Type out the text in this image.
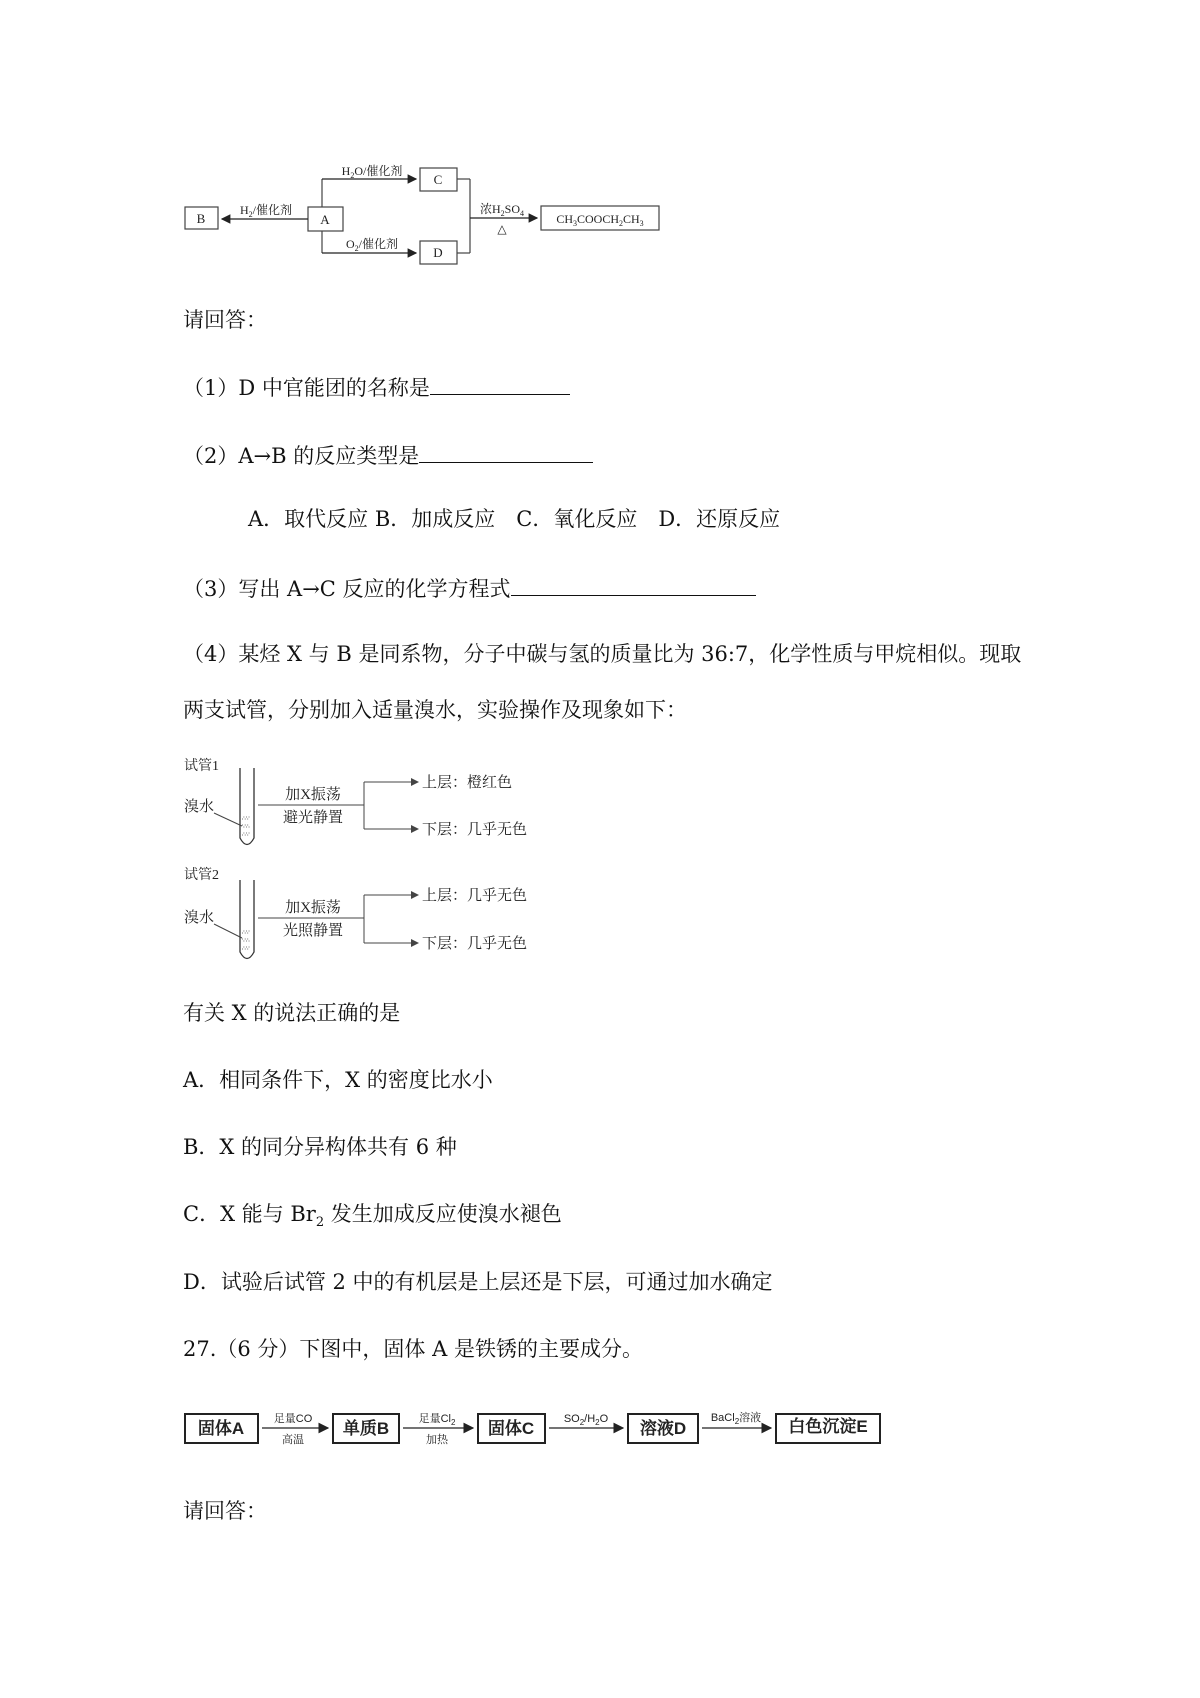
B	A
C
D
$CH_3COOCH_2CH_3$
$H_2/$催化剂
$H_2O/$催化剂
$O_2/$催化剂
浓$H_2SO_4$
△
请回答：
（1）D 中官能团的名称是
（2）A→B 的反应类型是
A．取代反应 B．加成反应　C．氧化反应　D．还原反应
（3）写出 A→C 反应的化学方程式
（4）某烃 X 与 B 是同系物，分子中碳与氢的质量比为 36:7，化学性质与甲烷相似。现取
两支试管，分别加入适量溴水，实验操作及现象如下：
试管1
∴∵
∵∴
∴∵
溴水
加X振荡
避光静置
上层：橙红色
下层：几乎无色
试管2
∴∵
∵∴
∴∵
溴水
加X振荡
光照静置
上层：几乎无色
下层：几乎无色
有关 X 的说法正确的是
A．相同条件下，X 的密度比水小
B．X 的同分异构体共有 6 种
C．X 能与 $Br_2$ 发生加成反应使溴水褪色
D．试验后试管 2 中的有机层是上层还是下层，可通过加水确定
27.（6 分）下图中，固体 A 是铁锈的主要成分。
固体A	单质B	固体C	溶液D	白色沉淀E
足量CO
高温
足量$Cl_2$
加热
$SO_2/H_2O$	BaCl$_2$溶液
请回答：
